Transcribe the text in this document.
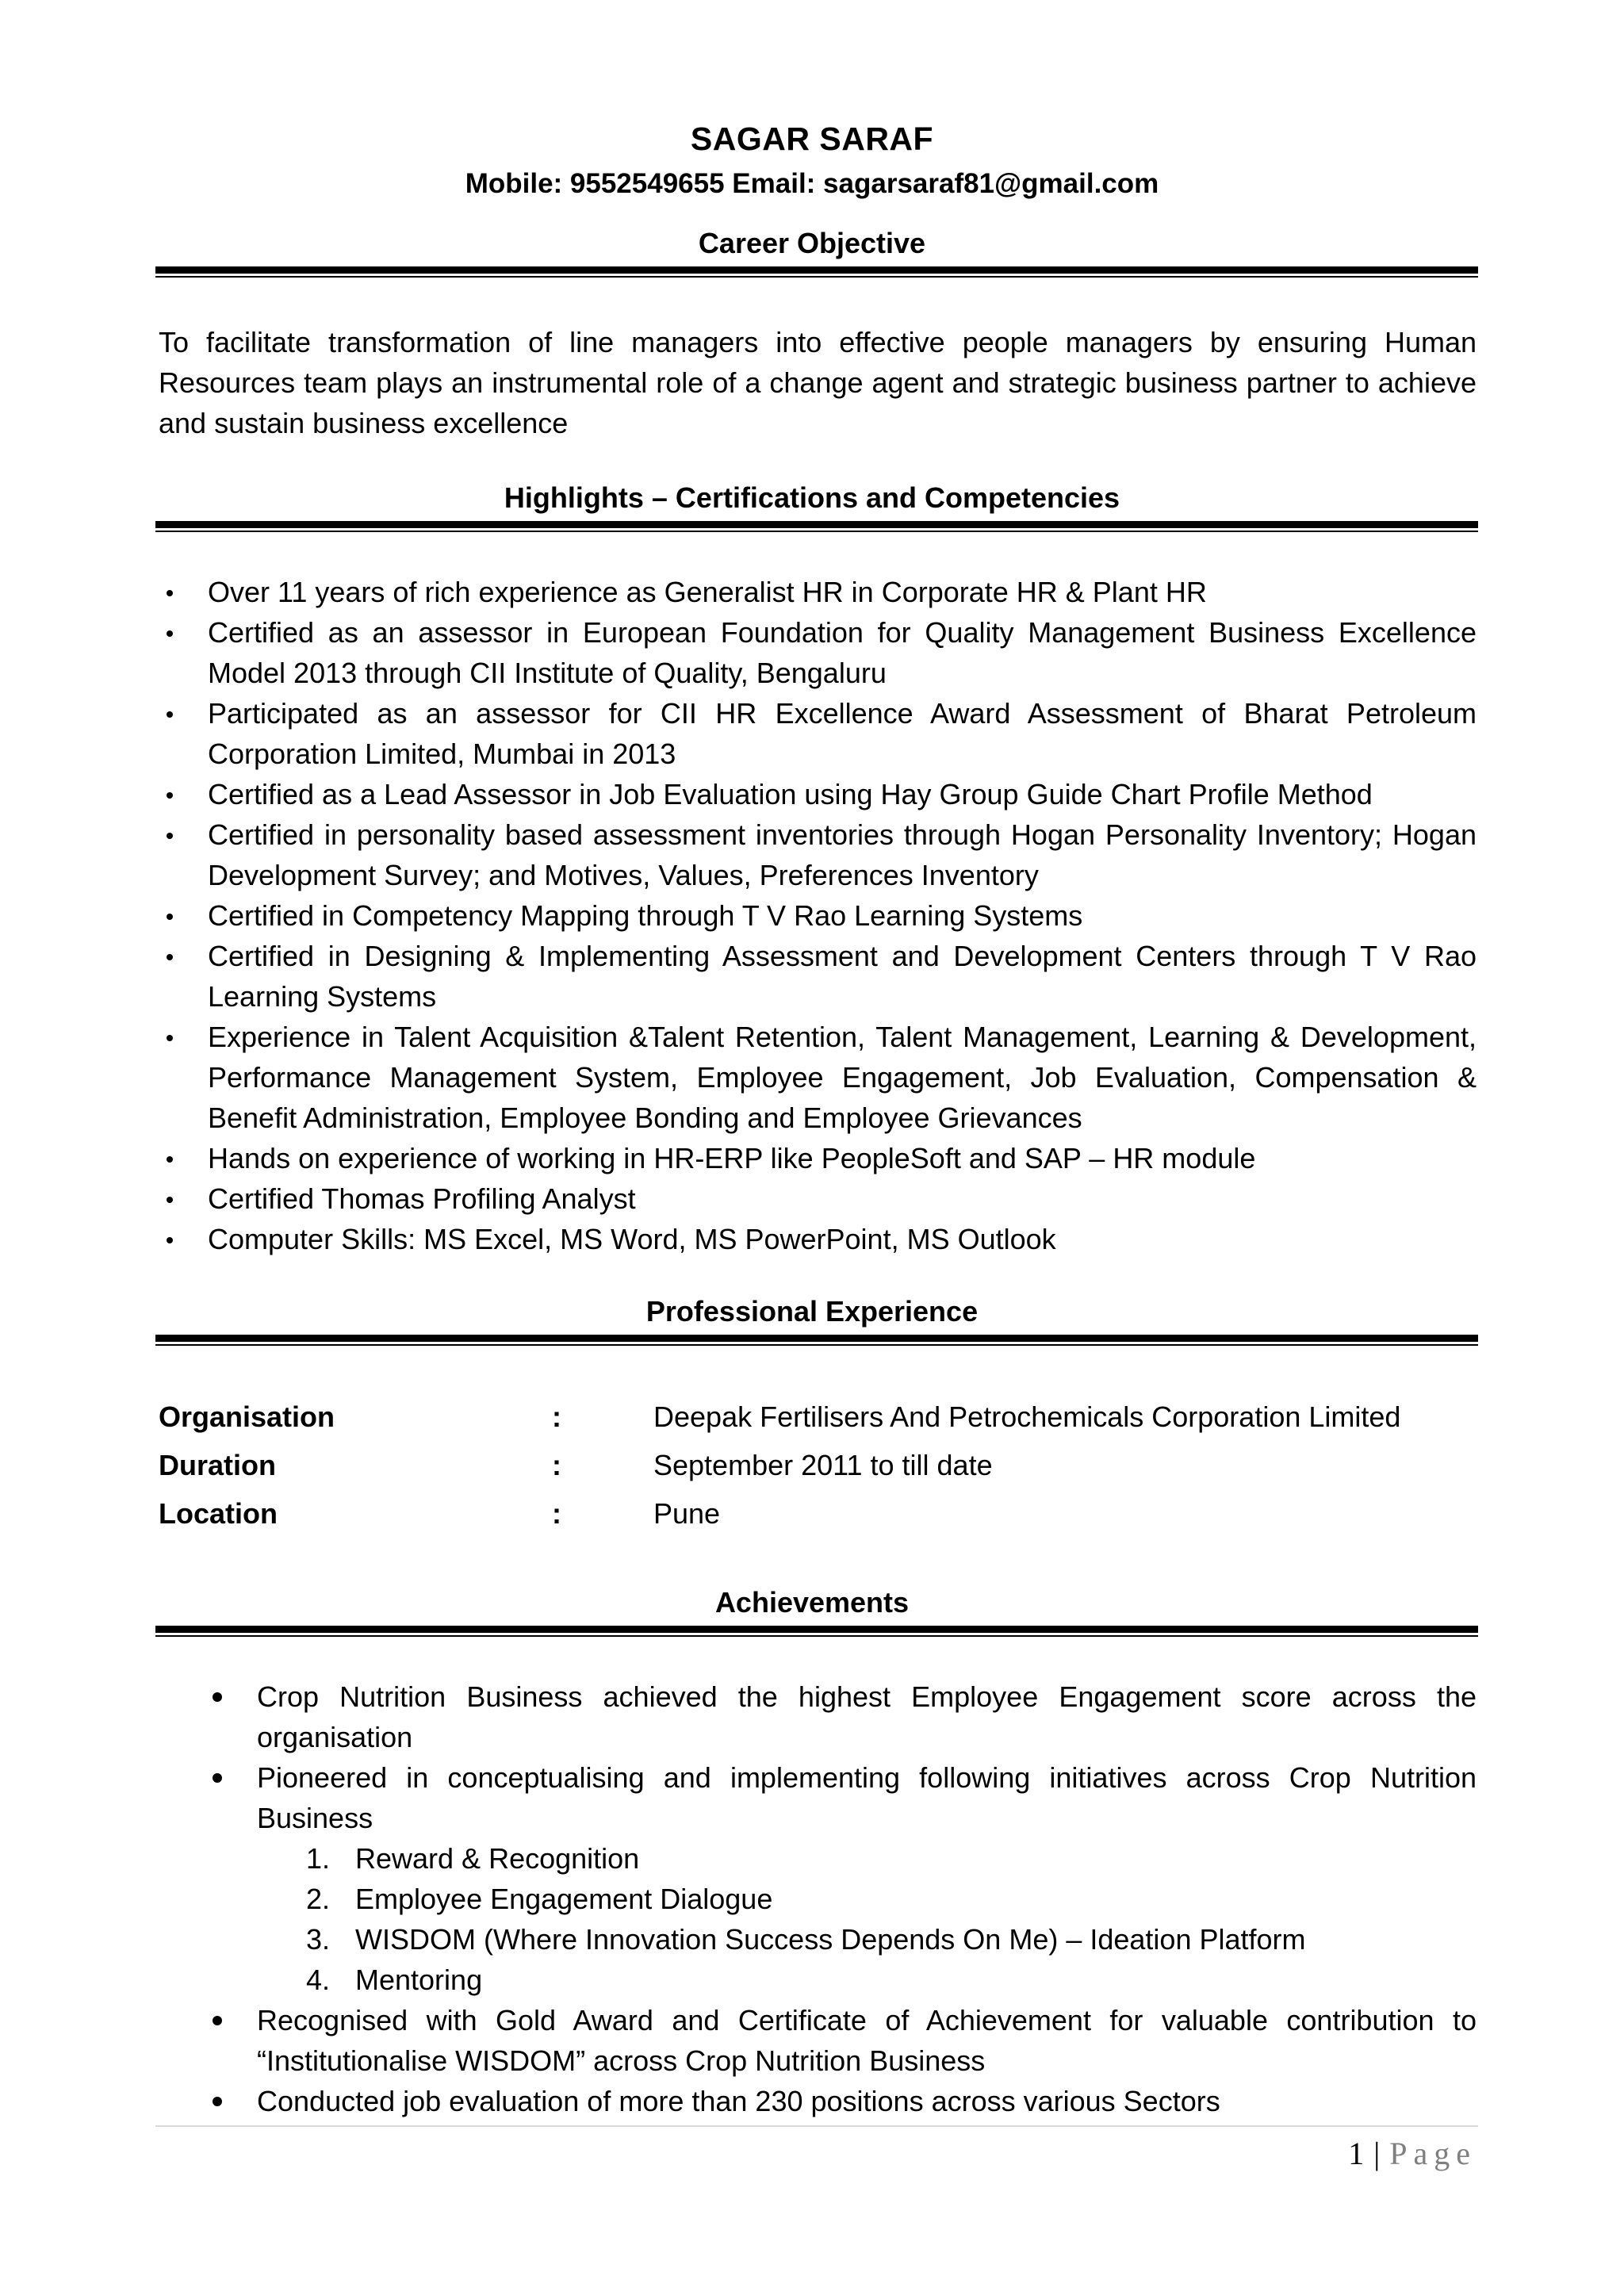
SAGAR SARAF
Mobile: 9552549655 Email: sagarsaraf81@gmail.com
Career Objective
To facilitate transformation of line managers into effective people managers by ensuring Human Resources team plays an instrumental role of a change agent and strategic business partner to achieve and sustain business excellence
Highlights – Certifications and Competencies
Over 11 years of rich experience as Generalist HR in Corporate HR & Plant HR
Certified as an assessor in European Foundation for Quality Management Business Excellence Model 2013 through CII Institute of Quality, Bengaluru
Participated as an assessor for CII HR Excellence Award Assessment of Bharat Petroleum Corporation Limited, Mumbai in 2013
Certified as a Lead Assessor in Job Evaluation using Hay Group Guide Chart Profile Method
Certified in personality based assessment inventories through Hogan Personality Inventory; Hogan Development Survey; and Motives, Values, Preferences Inventory
Certified in Competency Mapping through T V Rao Learning Systems
Certified in Designing & Implementing Assessment and Development Centers through T V Rao Learning Systems
Experience in Talent Acquisition &Talent Retention, Talent Management, Learning & Development, Performance Management System, Employee Engagement, Job Evaluation, Compensation & Benefit Administration, Employee Bonding and Employee Grievances
Hands on experience of working in HR-ERP like PeopleSoft and SAP – HR module
Certified Thomas Profiling Analyst
Computer Skills: MS Excel, MS Word, MS PowerPoint, MS Outlook
Professional Experience
Organisation	:	Deepak Fertilisers And Petrochemicals Corporation Limited
Duration	:	September 2011 to till date
Location	:	Pune
Achievements
Crop Nutrition Business achieved the highest Employee Engagement score across the organisation
Pioneered in conceptualising and implementing following initiatives across Crop Nutrition Business
1. Reward & Recognition
2. Employee Engagement Dialogue
3. WISDOM (Where Innovation Success Depends On Me) – Ideation Platform
4. Mentoring
Recognised with Gold Award and Certificate of Achievement for valuable contribution to “Institutionalise WISDOM” across Crop Nutrition Business
Conducted job evaluation of more than 230 positions across various Sectors
1 | Page
